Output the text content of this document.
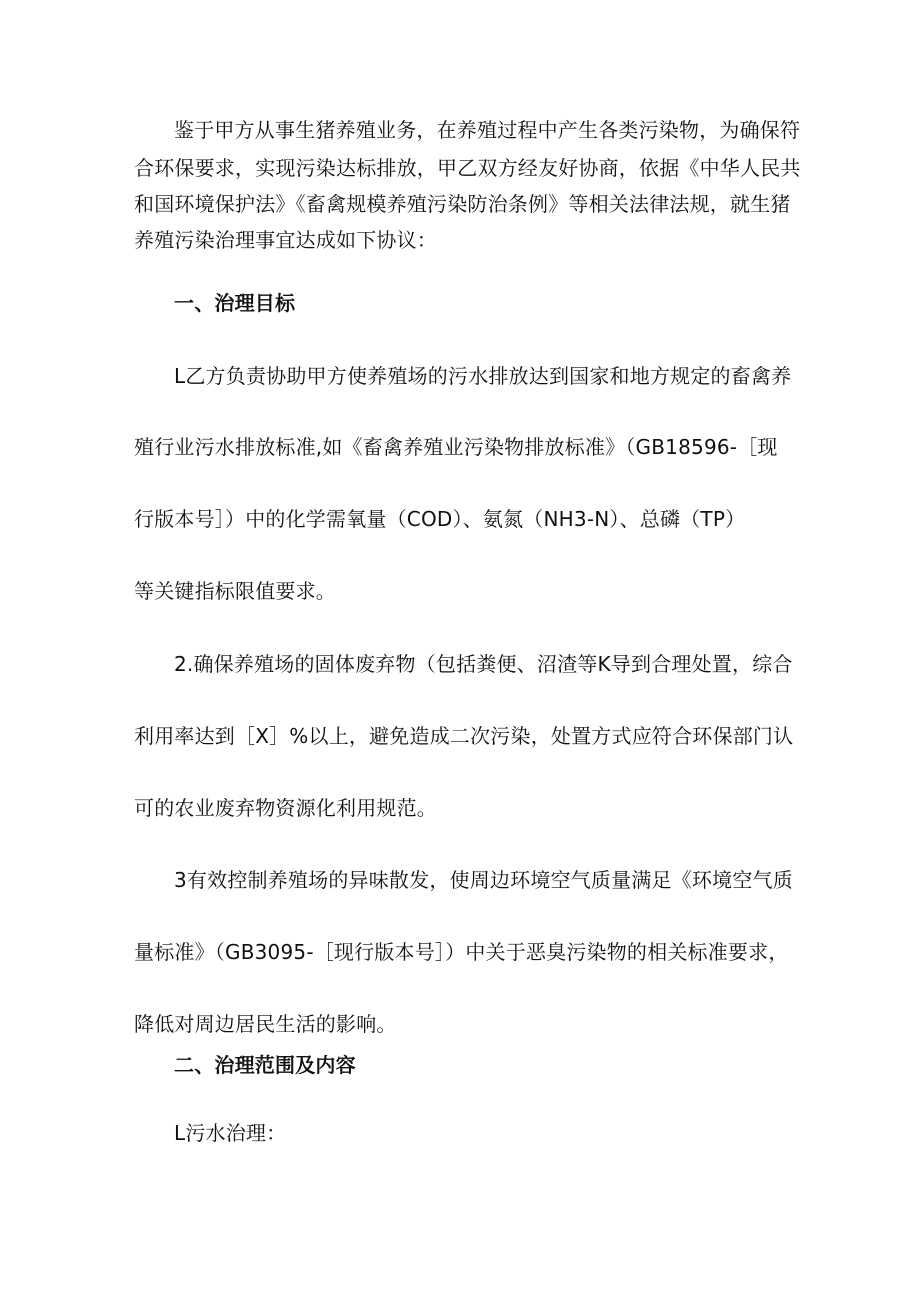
鉴于甲方从事生猪养殖业务，在养殖过程中产生各类污染物，为确保符
合环保要求，实现污染达标排放，甲乙双方经友好协商，依据《中华人民共
和国环境保护法》《畜禽规模养殖污染防治条例》等相关法律法规，就生猪
养殖污染治理事宜达成如下协议：
一、治理目标
L乙方负责协助甲方使养殖场的污水排放达到国家和地方规定的畜禽养
殖行业污水排放标准,如《畜禽养殖业污染物排放标准》（GB18596-［现
行版本号］）中的化学需氧量（COD）、氨氮（NH3-N）、总磷（TP）
等关键指标限值要求。
2.确保养殖场的固体废弃物（包括粪便、沼渣等K导到合理处置，综合
利用率达到［X］%以上，避免造成二次污染，处置方式应符合环保部门认
可的农业废弃物资源化利用规范。
3有效控制养殖场的异味散发，使周边环境空气质量满足《环境空气质
量标准》（GB3095-［现行版本号］）中关于恶臭污染物的相关标准要求，
降低对周边居民生活的影响。
二、治理范围及内容
L污水治理：
